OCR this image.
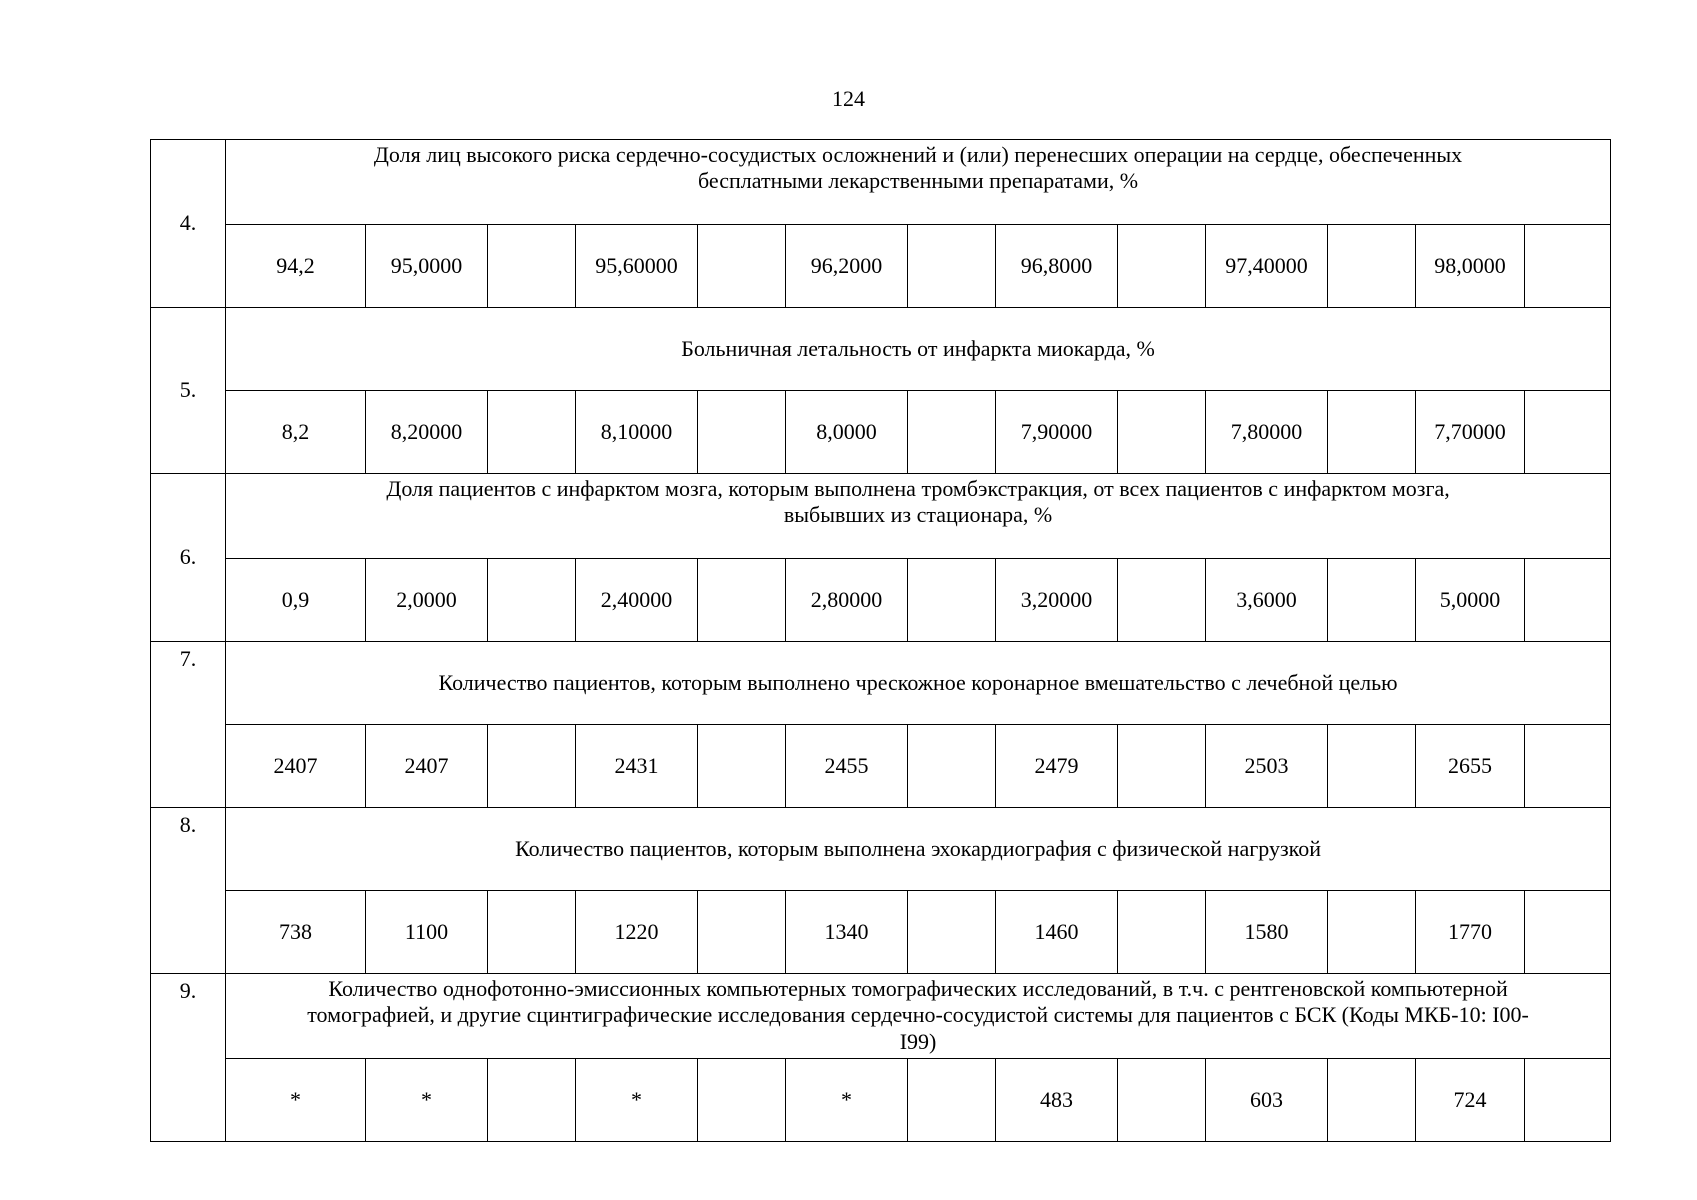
124
4.	Доля лиц высокого риска сердечно-сосудистых осложнений и (или) перенесших операции на сердце, обеспеченных
бесплатными лекарственными препаратами, %												

	94,2	95,0000		95,60000		96,2000		96,8000		97,40000		98,0000	
5.	Больничная летальность от инфаркта миокарда, %												

	8,2	8,20000		8,10000		8,0000		7,90000		7,80000		7,70000	
6.	Доля пациентов с инфарктом мозга, которым выполнена тромбэкстракция, от всех пациентов с инфарктом мозга,
выбывших из стационара, %												

	0,9	2,0000		2,40000		2,80000		3,20000		3,6000		5,0000	
7.	Количество пациентов, которым выполнено чрескожное коронарное вмешательство с лечебной целью												

	2407	2407		2431		2455		2479		2503		2655	
8.	Количество пациентов, которым выполнена эхокардиография с физической нагрузкой												

	738	1100		1220		1340		1460		1580		1770	
9.	Количество однофотонно-эмиссионных компьютерных томографических исследований, в т.ч. с рентгеновской компьютерной
томографией, и другие сцинтиграфические исследования сердечно-сосудистой системы для пациентов с БСК (Коды МКБ-10: I00-
I99)												

	*	*		*		*		483		603		724	
